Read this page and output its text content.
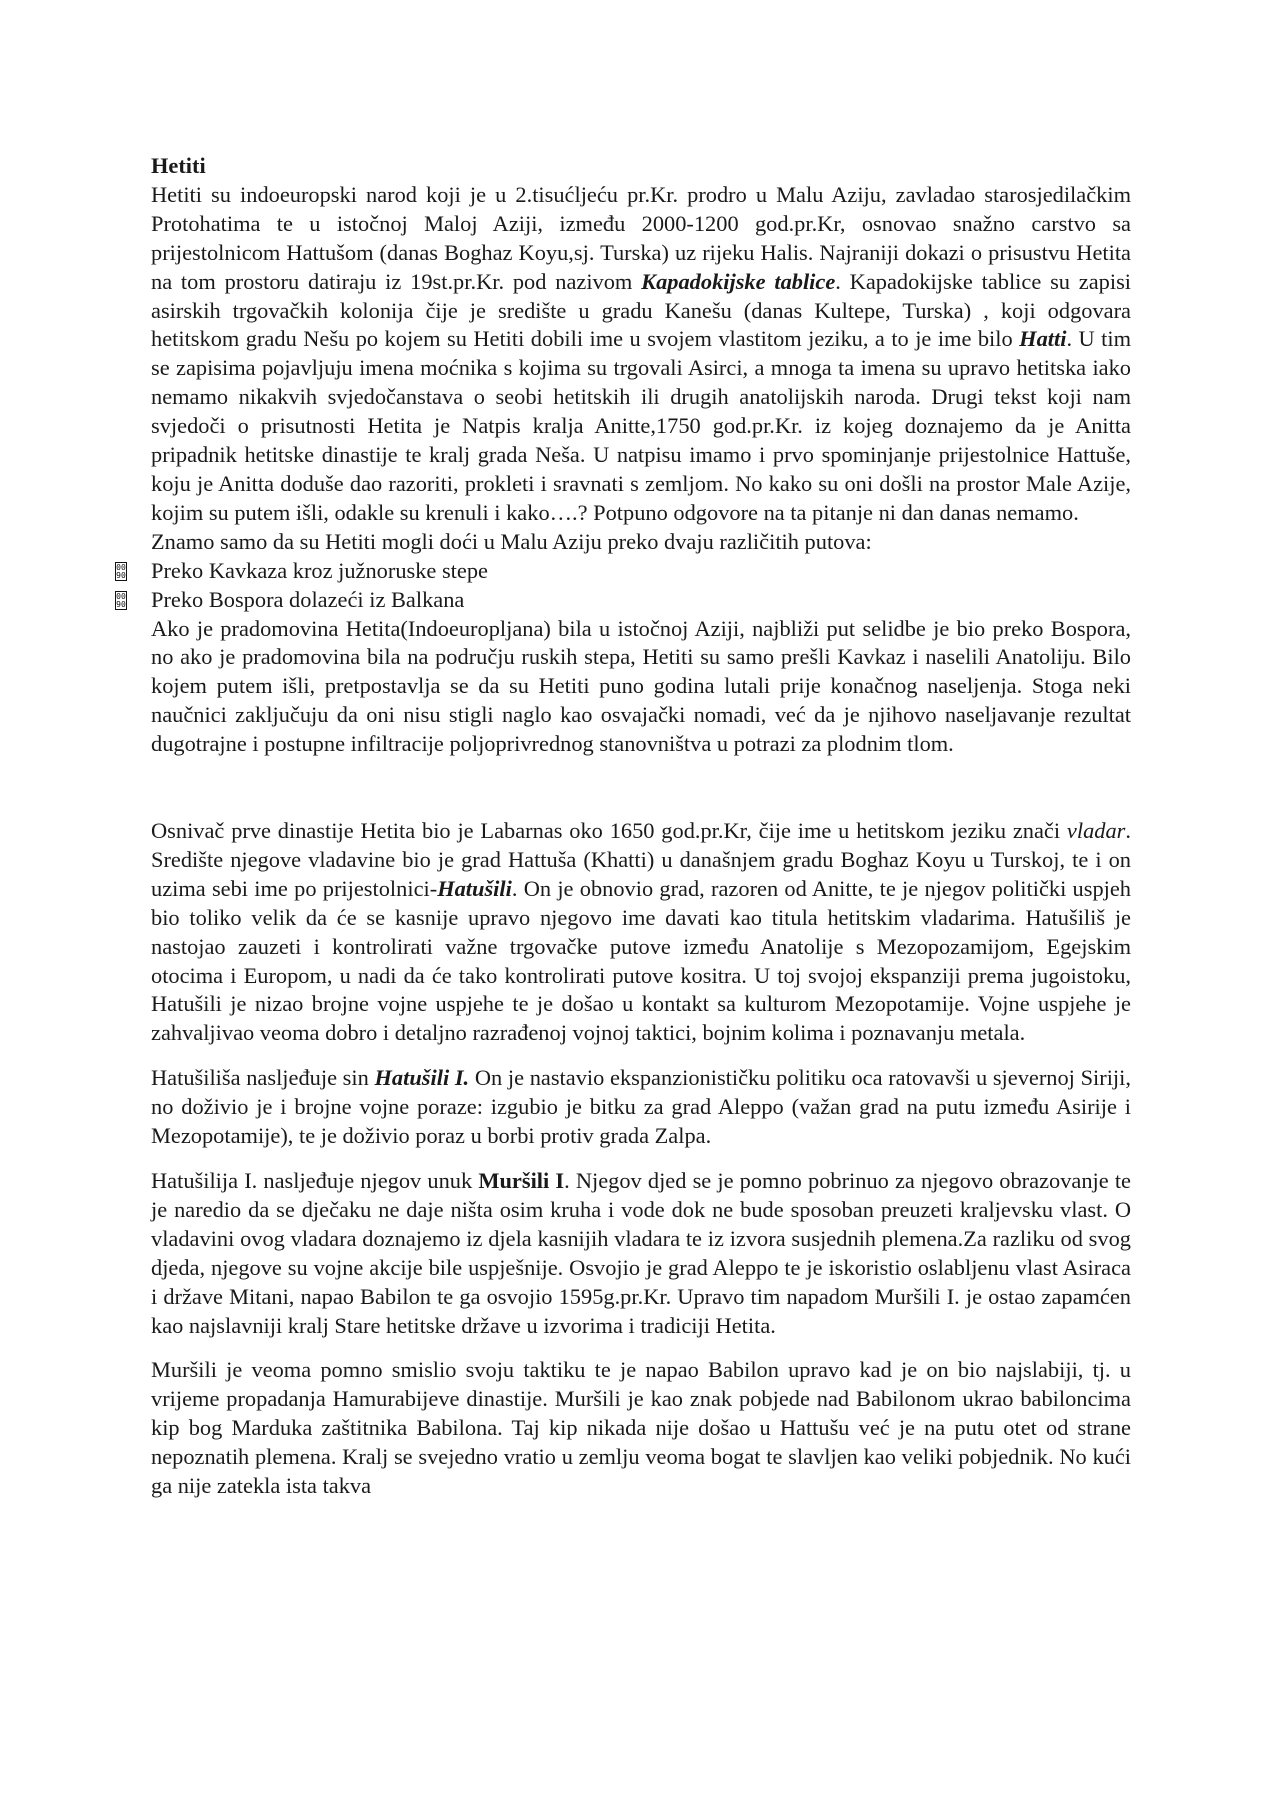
Hetiti

Hetiti su indoeuropski narod koji je u 2.tisućljeću pr.Kr. prodro u Malu Aziju, zavladao starosjedilačkim Protohatima te u istočnoj Maloj Aziji, između 2000-1200 god.pr.Kr, osnovao snažno carstvo sa prijestolnicom Hattušom (danas Boghaz Koyu,sj. Turska) uz rijeku Halis. Najraniji dokazi o prisustvu Hetita na tom prostoru datiraju iz 19st.pr.Kr. pod nazivom Kapadokijske tablice. Kapadokijske tablice su zapisi asirskih trgovačkih kolonija čije je središte u gradu Kanešu (danas Kultepe, Turska) , koji odgovara hetitskom gradu Nešu po kojem su Hetiti dobili ime u svojem vlastitom jeziku, a to je ime bilo Hatti. U tim se zapisima pojavljuju imena moćnika s kojima su trgovali Asirci, a mnoga ta imena su upravo hetitska iako nemamo nikakvih svjedočanstava o seobi hetitskih ili drugih anatolijskih naroda. Drugi tekst koji nam svjedoči o prisutnosti Hetita je Natpis kralja Anitte,1750 god.pr.Kr. iz kojeg doznajemo da je Anitta pripadnik hetitske dinastije te kralj grada Neša. U natpisu imamo i prvo spominjanje prijestolnice Hattuše, koju je Anitta doduše dao razoriti, prokleti i sravnati s zemljom. No kako su oni došli na prostor Male Azije, kojim su putem išli, odakle su krenuli i kako….? Potpuno odgovore na ta pitanje ni dan danas nemamo.

Znamo samo da su Hetiti mogli doći u Malu Aziju preko dvaju različitih putova:

00 90 Preko Kavkaza kroz južnoruske stepe
00 90 Preko Bospora dolazeći iz Balkana

Ako je pradomovina Hetita(Indoeuropljana) bila u istočnoj Aziji, najbliži put selidbe je bio preko Bospora, no ako je pradomovina bila na području ruskih stepa, Hetiti su samo prešli Kavkaz i naselili Anatoliju. Bilo kojem putem išli, pretpostavlja se da su Hetiti puno godina lutali prije konačnog naseljenja. Stoga neki naučnici zaključuju da oni nisu stigli naglo kao osvajački nomadi, već da je njihovo naseljavanje rezultat dugotrajne i postupne infiltracije poljoprivrednog stanovništva u potrazi za plodnim tlom.

Osnivač prve dinastije Hetita bio je Labarnas oko 1650 god.pr.Kr, čije ime u hetitskom jeziku znači vladar. Središte njegove vladavine bio je grad Hattuša (Khatti) u današnjem gradu Boghaz Koyu u Turskoj, te i on uzima sebi ime po prijestolnici-Hatušili. On je obnovio grad, razoren od Anitte, te je njegov politički uspjeh bio toliko velik da će se kasnije upravo njegovo ime davati kao titula hetitskim vladarima. Hatušiliš je nastojao zauzeti i kontrolirati važne trgovačke putove između Anatolije s Mezopozamijom, Egejskim otocima i Europom, u nadi da će tako kontrolirati putove kositra. U toj svojoj ekspanziji prema jugoistoku, Hatušili je nizao brojne vojne uspjehe te je došao u kontakt sa kulturom Mezopotamije. Vojne uspjehe je zahvaljivao veoma dobro i detaljno razrađenoj vojnoj taktici, bojnim kolima i poznavanju metala.

Hatušiliša nasljeđuje sin Hatušili I. On je nastavio ekspanzionističku politiku oca ratovavši u sjevernoj Siriji, no doživio je i brojne vojne poraze: izgubio je bitku za grad Aleppo (važan grad na putu između Asirije i Mezopotamije), te je doživio poraz u borbi protiv grada Zalpa.

Hatušilija I. nasljeđuje njegov unuk Muršili I. Njegov djed se je pomno pobrinuo za njegovo obrazovanje te je naredio da se dječaku ne daje ništa osim kruha i vode dok ne bude sposoban preuzeti kraljevsku vlast. O vladavini ovog vladara doznajemo iz djela kasnijih vladara te iz izvora susjednih plemena.Za razliku od svog djeda, njegove su vojne akcije bile uspješnije. Osvojio je grad Aleppo te je iskoristio oslabljenu vlast Asiraca i države Mitani, napao Babilon te ga osvojio 1595g.pr.Kr. Upravo tim napadom Muršili I. je ostao zapamćen kao najslavniji kralj Stare hetitske države u izvorima i tradiciji Hetita.

Muršili je veoma pomno smislio svoju taktiku te je napao Babilon upravo kad je on bio najslabiji, tj. u vrijeme propadanja Hamurabijeve dinastije. Muršili je kao znak pobjede nad Babilonom ukrao babiloncima kip bog Marduka zaštitnika Babilona. Taj kip nikada nije došao u Hattušu već je na putu otet od strane nepoznatih plemena. Kralj se svejedno vratio u zemlju veoma bogat te slavljen kao veliki pobjednik. No kući ga nije zatekla ista takva
